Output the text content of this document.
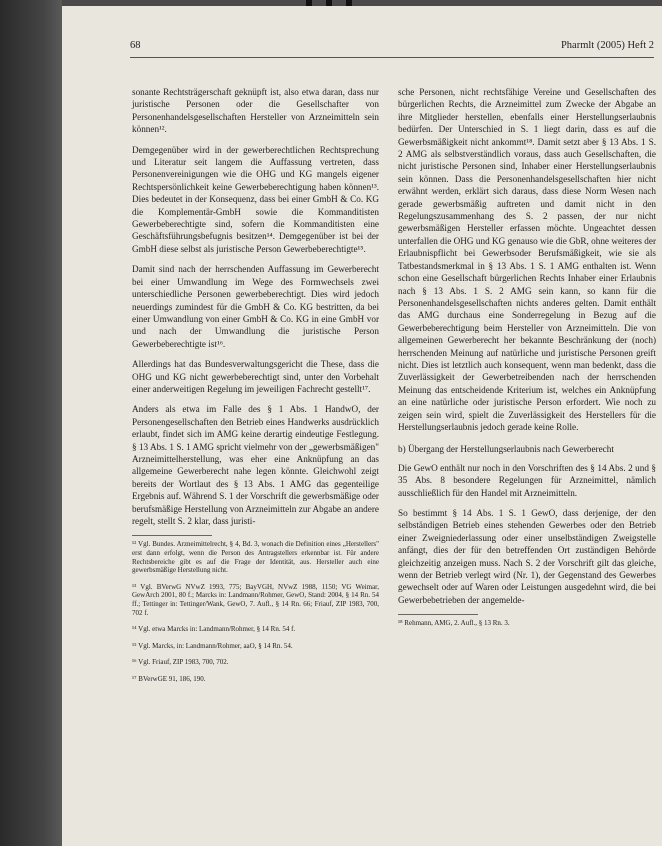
68	Pharmlt (2005) Heft 2

sonante Rechtsträgerschaft geknüpft ist, also etwa daran, dass nur juristische Personen oder die Gesellschafter von Personenhandelsgesellschaften Hersteller von Arzneimitteln sein können¹².

Demgegenüber wird in der gewerberechtlichen Rechtsprechung und Literatur seit langem die Auffassung vertreten, dass Personenvereinigungen wie die OHG und KG mangels eigener Rechtspersönlichkeit keine Gewerbeberechtigung haben können¹³. Dies bedeutet in der Konsequenz, dass bei einer GmbH & Co. KG die Komplementär-GmbH sowie die Kommanditisten Gewerbeberechtigte sind, sofern die Kommanditisten eine Geschäftsführungsbefugnis besitzen¹⁴. Demgegenüber ist bei der GmbH diese selbst als juristische Person Gewerbeberechtigte¹⁵.

Damit sind nach der herrschenden Auffassung im Gewerberecht bei einer Umwandlung im Wege des Formwechsels zwei unterschiedliche Personen gewerbeberechtigt. Dies wird jedoch neuerdings zumindest für die GmbH & Co. KG bestritten, da bei einer Umwandlung von einer GmbH & Co. KG in eine GmbH vor und nach der Umwandlung die juristische Person Gewerbeberechtigte ist¹⁶.

Allerdings hat das Bundesverwaltungsgericht die These, dass die OHG und KG nicht gewerbeberechtigt sind, unter den Vorbehalt einer anderweitigen Regelung im jeweiligen Fachrecht gestellt¹⁷.

Anders als etwa im Falle des § 1 Abs. 1 HandwO, der Personengesellschaften den Betrieb eines Handwerks ausdrücklich erlaubt, findet sich im AMG keine derartig eindeutige Festlegung. § 13 Abs. 1 S. 1 AMG spricht vielmehr von der „gewerbsmäßigen" Arzneimittelherstellung, was eher eine Anknüpfung an das allgemeine Gewerberecht nahe legen könnte. Gleichwohl zeigt bereits der Wortlaut des § 13 Abs. 1 AMG das gegenteilige Ergebnis auf. Während S. 1 der Vorschrift die gewerbsmäßige oder berufsmäßige Herstellung von Arzneimitteln zur Abgabe an andere regelt, stellt S. 2 klar, dass juristi-

¹² Vgl. Bundes. Arzneimittelrecht, § 4, Bd. 3, wonach die Definition eines „Herstellers" erst dann erfolgt, wenn die Person des Antragstellers erkennbar ist. Für andere Rechtsbereiche gibt es auf die Frage der Identität, aus. Hersteller auch eine gewerbsmäßige Herstellung nicht.

¹³ Vgl. BVerwG NVwZ 1993, 775; BayVGH, NVwZ 1988, 1150; VG Weimar, GewArch 2001, 80 f.; Marcks in: Landmann/Rohmer, GewO, Stand: 2004, § 14 Rn. 54 ff.; Tettinger in: Tettinger/Wank, GewO, 7. Aufl., § 14 Rn. 66; Friauf, ZIP 1983, 700, 702 f.

¹⁴ Vgl. etwa Marcks in: Landmann/Rohmer, § 14 Rn. 54 f.

¹⁵ Vgl. Marcks, in: Landmann/Rohmer, aaO, § 14 Rn. 54.

¹⁶ Vgl. Friauf, ZIP 1983, 700, 702.

¹⁷ BVerwGE 91, 186, 190.

sche Personen, nicht rechtsfähige Vereine und Gesellschaften des bürgerlichen Rechts, die Arzneimittel zum Zwecke der Abgabe an ihre Mitglieder herstellen, ebenfalls einer Herstellungserlaubnis bedürfen. Der Unterschied in S. 1 liegt darin, dass es auf die Gewerbsmäßigkeit nicht ankommt¹⁸. Damit setzt aber § 13 Abs. 1 S. 2 AMG als selbstverständlich voraus, dass auch Gesellschaften, die nicht juristische Personen sind, Inhaber einer Herstellungserlaubnis sein können. Dass die Personenhandelsgesellschaften hier nicht erwähnt werden, erklärt sich daraus, dass diese Norm Wesen nach gerade gewerbsmäßig auftreten und damit nicht in den Regelungszusammenhang des S. 2 passen, der nur nicht gewerbsmäßigen Hersteller erfassen möchte. Ungeachtet dessen unterfallen die OHG und KG genauso wie die GbR, ohne weiteres der Erlaubnispflicht bei Gewerbsoder Berufsmäßigkeit, wie sie als Tatbestandsmerkmal in § 13 Abs. 1 S. 1 AMG enthalten ist. Wenn schon eine Gesellschaft bürgerlichen Rechts Inhaber einer Erlaubnis nach § 13 Abs. 1 S. 2 AMG sein kann, so kann für die Personenhandelsgesellschaften nichts anderes gelten. Damit enthält das AMG durchaus eine Sonderregelung in Bezug auf die Gewerbeberechtigung beim Hersteller von Arzneimitteln. Die von allgemeinen Gewerberecht her bekannte Beschränkung der (noch) herrschenden Meinung auf natürliche und juristische Personen greift nicht. Dies ist letztlich auch konsequent, wenn man bedenkt, dass die Zuverlässigkeit der Gewerbetreibenden nach der herrschenden Meinung das entscheidende Kriterium ist, welches ein Anknüpfung an eine natürliche oder juristische Person erfordert. Wie noch zu zeigen sein wird, spielt die Zuverlässigkeit des Herstellers für die Herstellungserlaubnis jedoch gerade keine Rolle.

b) Übergang der Herstellungserlaubnis nach Gewerberecht

Die GewO enthält nur noch in den Vorschriften des § 14 Abs. 2 und § 35 Abs. 8 besondere Regelungen für Arzneimittel, nämlich ausschließlich für den Handel mit Arzneimitteln.

So bestimmt § 14 Abs. 1 S. 1 GewO, dass derjenige, der den selbständigen Betrieb eines stehenden Gewerbes oder den Betrieb einer Zweigniederlassung oder einer unselbständigen Zweigstelle anfängt, dies der für den betreffenden Ort zuständigen Behörde gleichzeitig anzeigen muss. Nach S. 2 der Vorschrift gilt das gleiche, wenn der Betrieb verlegt wird (Nr. 1), der Gegenstand des Gewerbes gewechselt oder auf Waren oder Leistungen ausgedehnt wird, die bei Gewerbebetrieben der angemelde-

¹⁸ Rehmann, AMG, 2. Aufl., § 13 Rn. 3.
